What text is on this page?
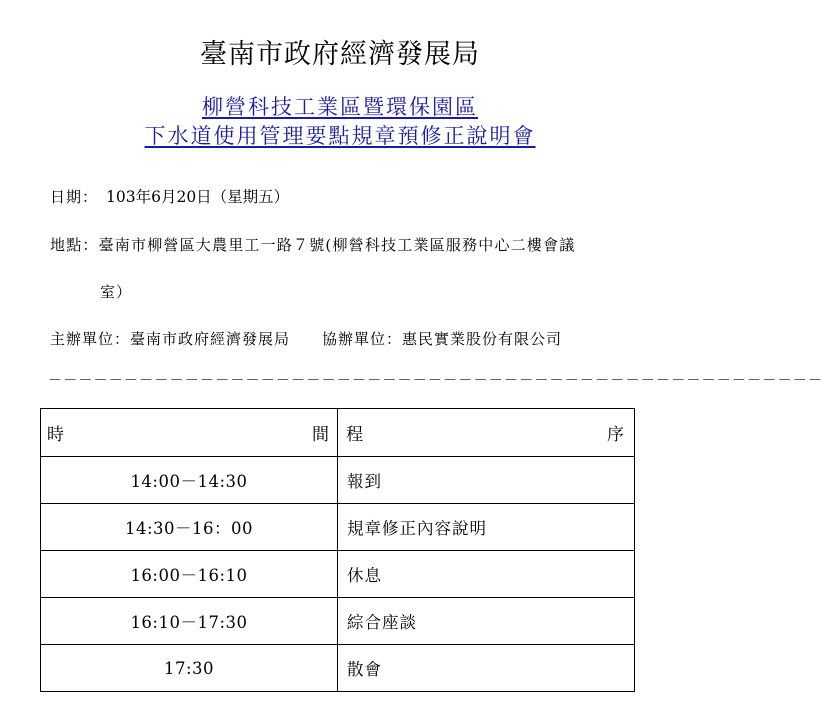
臺南市政府經濟發展局
柳營科技工業區暨環保園區
下水道使用管理要點規章預修正說明會
日期： 103年6月20日（星期五）
地點：臺南市柳營區大農里工一路７號(柳營科技工業區服務中心二樓會議
室）
主辦單位：臺南市政府經濟發展局 協辦單位：惠民實業股份有限公司
－－－－－－－－－－－－－－－－－－－－－－－－－－－－－－－－－－－－－－－－－－－－－－－－－－－
時 間	程 序

14:00－14:30	報到
14:30－16：00	規章修正內容說明
16:00－16:10	休息
16:10－17:30	綜合座談
17:30	散會
